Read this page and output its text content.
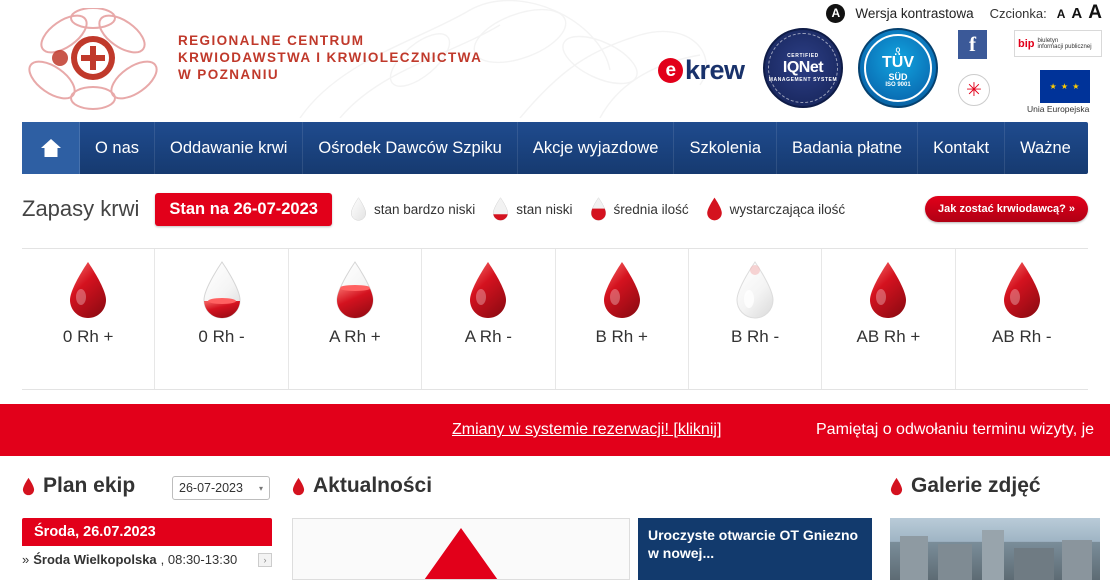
REGIONALNE CENTRUM
KRWIODAWSTWA I KRWIOLECZNICTWA
W POZNANIU
A	Wersja kontrastowa Czcionka: A A A
e krew	CERTIFIED
IQNet
MANAGEMENT SYSTEM
Q
TÜV
SÜD
ISO 9001
f	bip biuletyn
informacji publicznej
✳	★ ★ ★
Unia Europejska
O nas	Oddawanie krwi	Ośrodek Dawców Szpiku	Akcje wyjazdowe	Szkolenia	Badania płatne	Kontakt	Ważne
Zapasy krwi	Stan na 26-07-2023	stan bardzo niski	stan niski	średnia ilość	wystarczająca ilość	Jak zostać krwiodawcą? »
0 Rh +	0 Rh -	A Rh +	A Rh -	B Rh +	B Rh -	AB Rh +	AB Rh -
Zmiany w systemie rezerwacji! [kliknij]	Pamiętaj o odwołaniu terminu wizyty, je
Plan ekip	26-07-2023 ▾
Środa, 26.07.2023
» Środa Wielkopolska , 08:30-13:30	›
Aktualności
Uroczyste otwarcie OT Gniezno w nowej...
Galerie zdjęć
